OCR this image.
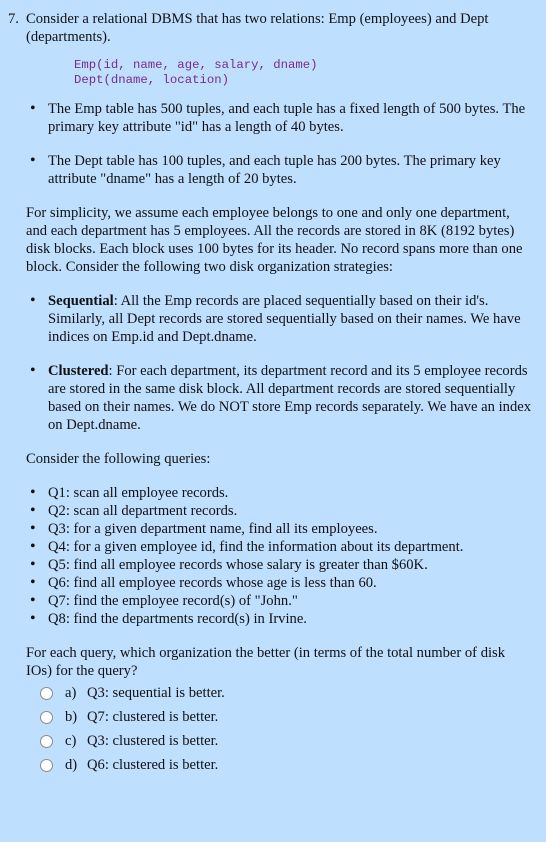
7. Consider a relational DBMS that has two relations: Emp (employees) and Dept (departments).
Emp(id, name, age, salary, dname)
Dept(dname, location)
• The Emp table has 500 tuples, and each tuple has a fixed length of 500 bytes. The primary key attribute "id" has a length of 40 bytes.
• The Dept table has 100 tuples, and each tuple has 200 bytes. The primary key attribute "dname" has a length of 20 bytes.

For simplicity, we assume each employee belongs to one and only one department, and each department has 5 employees. All the records are stored in 8K (8192 bytes) disk blocks. Each block uses 100 bytes for its header. No record spans more than one block. Consider the following two disk organization strategies:

• Sequential: All the Emp records are placed sequentially based on their id's. Similarly, all Dept records are stored sequentially based on their names. We have indices on Emp.id and Dept.dname.
• Clustered: For each department, its department record and its 5 employee records are stored in the same disk block. All department records are stored sequentially based on their names. We do NOT store Emp records separately. We have an index on Dept.dname.

Consider the following queries:

• Q1: scan all employee records.
• Q2: scan all department records.
• Q3: for a given department name, find all its employees.
• Q4: for a given employee id, find the information about its department.
• Q5: find all employee records whose salary is greater than $60K.
• Q6: find all employee records whose age is less than 60.
• Q7: find the employee record(s) of "John."
• Q8: find the departments record(s) in Irvine.

For each query, which organization the better (in terms of the total number of disk IOs) for the query?

a) Q3: sequential is better.
b) Q7: clustered is better.
c) Q3: clustered is better.
d) Q6: clustered is better.
